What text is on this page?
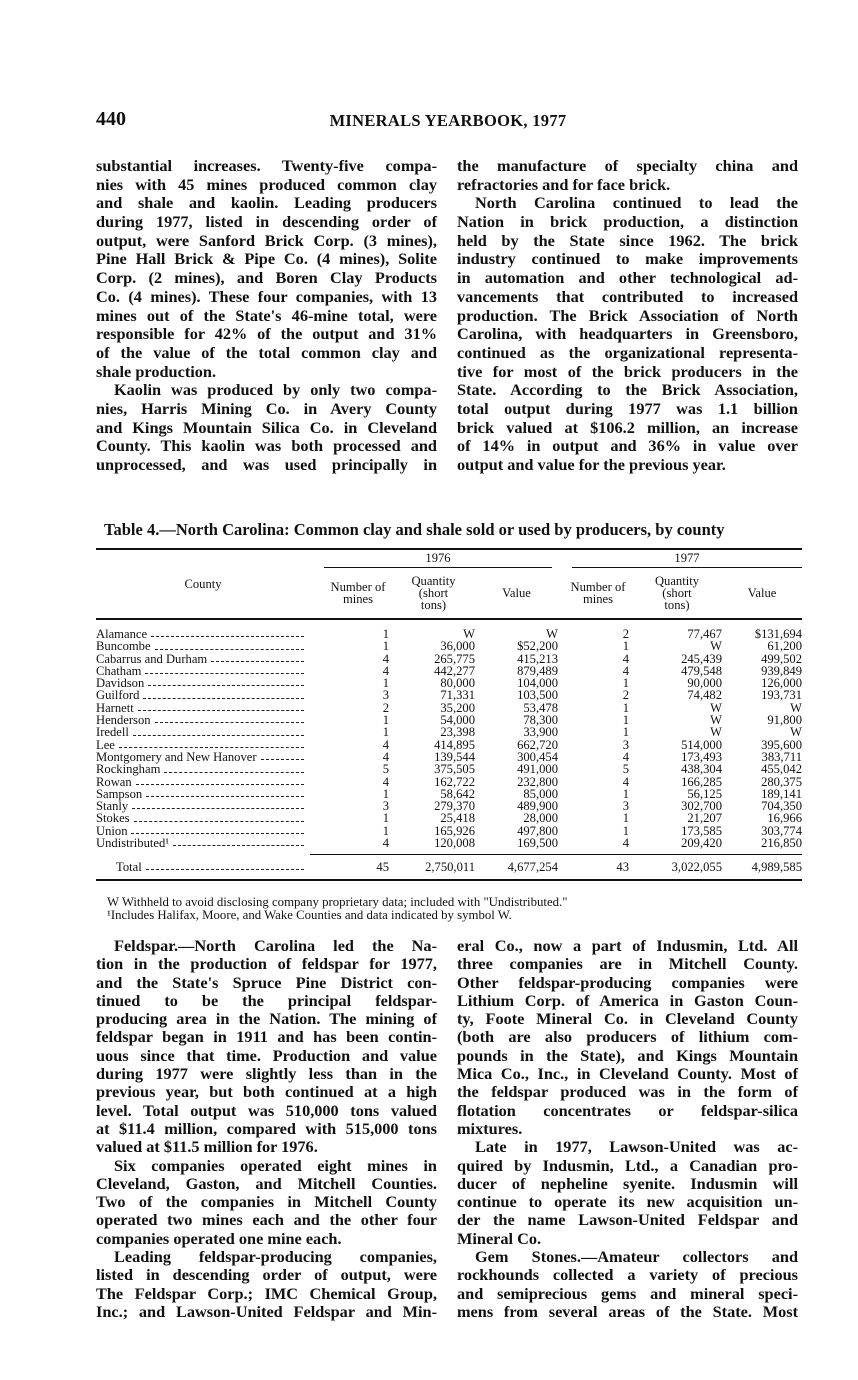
440	MINERALS YEARBOOK, 1977
substantial increases. Twenty-five compa-
nies with 45 mines produced common clay
and shale and kaolin. Leading producers
during 1977, listed in descending order of
output, were Sanford Brick Corp. (3 mines),
Pine Hall Brick & Pipe Co. (4 mines), Solite
Corp. (2 mines), and Boren Clay Products
Co. (4 mines). These four companies, with 13
mines out of the State's 46-mine total, were
responsible for 42% of the output and 31%
of the value of the total common clay and
shale production.
Kaolin was produced by only two compa-
nies, Harris Mining Co. in Avery County
and Kings Mountain Silica Co. in Cleveland
County. This kaolin was both processed and
unprocessed, and was used principally in
the manufacture of specialty china and
refractories and for face brick.
North Carolina continued to lead the
Nation in brick production, a distinction
held by the State since 1962. The brick
industry continued to make improvements
in automation and other technological ad-
vancements that contributed to increased
production. The Brick Association of North
Carolina, with headquarters in Greensboro,
continued as the organizational representa-
tive for most of the brick producers in the
State. According to the Brick Association,
total output during 1977 was 1.1 billion
brick valued at $106.2 million, an increase
of 14% in output and 36% in value over
output and value for the previous year.
Table 4.—North Carolina: Common clay and shale sold or used by producers, by county
County	1976			1977		

	Number of mines	Quantity (short tons)	Value	Number of mines	Quantity (short tons)	Value

Alamance	1	W	W	2	77,467	$131,694

Buncombe	1	36,000	$52,200	1	W	61,200

Cabarrus and Durham	4	265,775	415,213	4	245,439	499,502

Chatham	4	442,277	879,489	4	479,548	939,849

Davidson	1	80,000	104,000	1	90,000	126,000

Guilford	3	71,331	103,500	2	74,482	193,731

Harnett	2	35,200	53,478	1	W	W

Henderson	1	54,000	78,300	1	W	91,800

Iredell	1	23,398	33,900	1	W	W

Lee	4	414,895	662,720	3	514,000	395,600

Montgomery and New Hanover	4	139,544	300,454	4	173,493	383,711

Rockingham	5	375,505	491,000	5	438,304	455,042

Rowan	4	162,722	232,800	4	166,285	280,375

Sampson	1	58,642	85,000	1	56,125	189,141

Stanly	3	279,370	489,900	3	302,700	704,350

Stokes	1	25,418	28,000	1	21,207	16,966

Union	1	165,926	497,800	1	173,585	303,774

Undistributed¹	4	120,008	169,500	4	209,420	216,850

Total	45	2,750,011	4,677,254	43	3,022,055	4,989,585
W Withheld to avoid disclosing company proprietary data; included with "Undistributed."
¹Includes Halifax, Moore, and Wake Counties and data indicated by symbol W.
Feldspar.—North Carolina led the Na-
tion in the production of feldspar for 1977,
and the State's Spruce Pine District con-
tinued to be the principal feldspar-
producing area in the Nation. The mining of
feldspar began in 1911 and has been contin-
uous since that time. Production and value
during 1977 were slightly less than in the
previous year, but both continued at a high
level. Total output was 510,000 tons valued
at $11.4 million, compared with 515,000 tons
valued at $11.5 million for 1976.
Six companies operated eight mines in
Cleveland, Gaston, and Mitchell Counties.
Two of the companies in Mitchell County
operated two mines each and the other four
companies operated one mine each.
Leading feldspar-producing companies,
listed in descending order of output, were
The Feldspar Corp.; IMC Chemical Group,
Inc.; and Lawson-United Feldspar and Min-
eral Co., now a part of Indusmin, Ltd. All
three companies are in Mitchell County.
Other feldspar-producing companies were
Lithium Corp. of America in Gaston Coun-
ty, Foote Mineral Co. in Cleveland County
(both are also producers of lithium com-
pounds in the State), and Kings Mountain
Mica Co., Inc., in Cleveland County. Most of
the feldspar produced was in the form of
flotation concentrates or feldspar-silica
mixtures.
Late in 1977, Lawson-United was ac-
quired by Indusmin, Ltd., a Canadian pro-
ducer of nepheline syenite. Indusmin will
continue to operate its new acquisition un-
der the name Lawson-United Feldspar and
Mineral Co.
Gem Stones.—Amateur collectors and
rockhounds collected a variety of precious
and semiprecious gems and mineral speci-
mens from several areas of the State. Most
